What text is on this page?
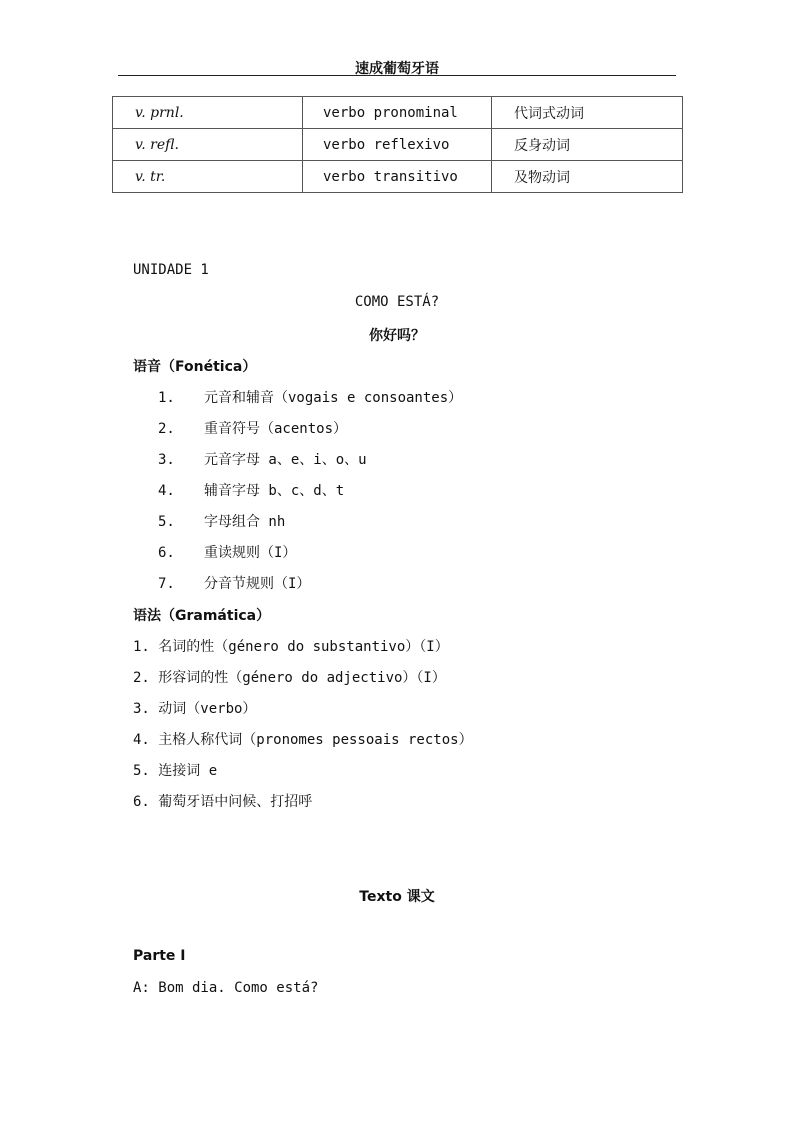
速成葡萄牙语
v. prnl.	verbo pronominal	代词式动词
v. refl.	verbo reflexivo	反身动词
v. tr.	verbo transitivo	及物动词
UNIDADE 1
COMO ESTÁ?
你好吗？
语音（Fonética）
1. 元音和辅音（vogais e consoantes）
2. 重音符号（acentos）
3. 元音字母 a、e、i、o、u
4. 辅音字母 b、c、d、t
5. 字母组合 nh
6. 重读规则（I）
7. 分音节规则（I）
语法（Gramática）
1. 名词的性（género do substantivo）（I）
2. 形容词的性（género do adjectivo）（I）
3. 动词（verbo）
4. 主格人称代词（pronomes pessoais rectos）
5. 连接词 e
6. 葡萄牙语中问候、打招呼
Texto 课文
Parte I
A: Bom dia. Como está?
